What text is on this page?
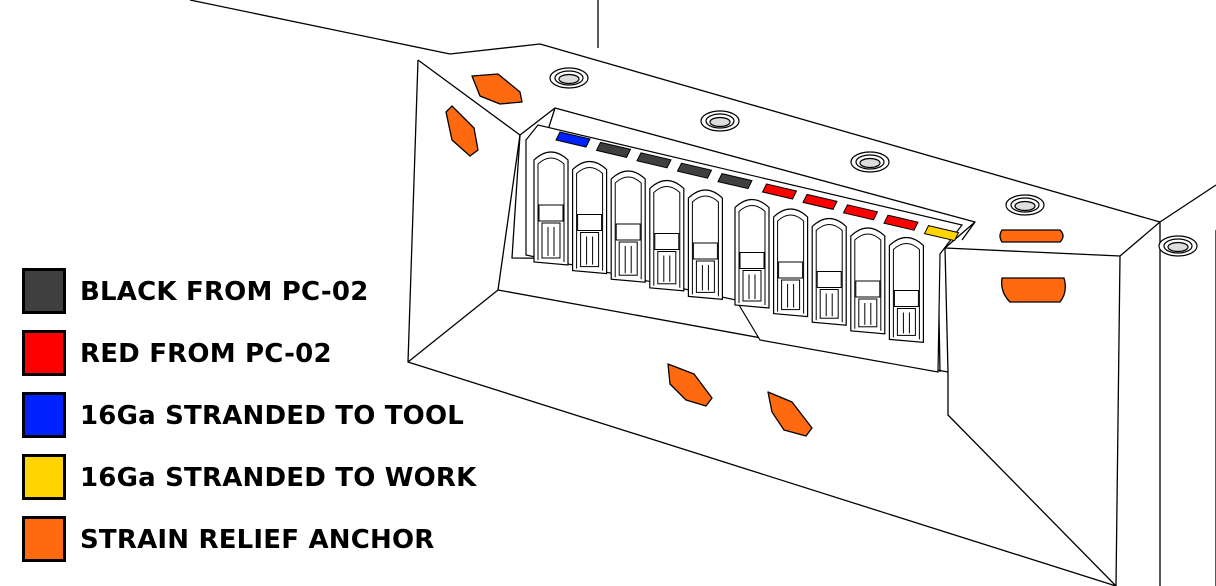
BLACK FROM PC-02
RED FROM PC-02
16Ga STRANDED TO TOOL
16Ga STRANDED TO WORK
STRAIN RELIEF ANCHOR
